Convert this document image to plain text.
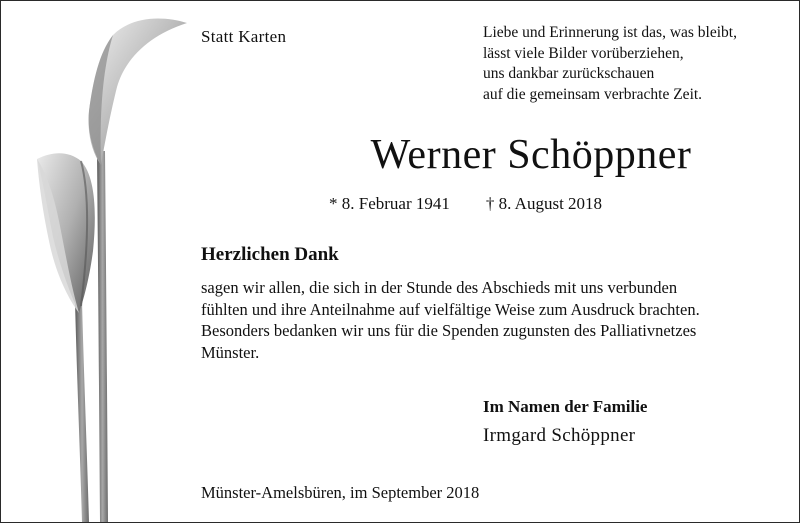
Statt Karten	Liebe und Erinnerung ist das, was bleibt,
lässt viele Bilder vorüberziehen,
uns dankbar zurückschauen
auf die gemeinsam verbrachte Zeit.
Werner Schöppner
* 8. Februar 1941 † 8. August 2018
Herzlichen Dank
sagen wir allen, die sich in der Stunde des Abschieds mit uns verbunden
fühlten und ihre Anteilnahme auf vielfältige Weise zum Ausdruck brachten.
Besonders bedanken wir uns für die Spenden zugunsten des Palliativnetzes
Münster.
Im Namen der Familie
Irmgard Schöppner
Münster-Amelsbüren, im September 2018
